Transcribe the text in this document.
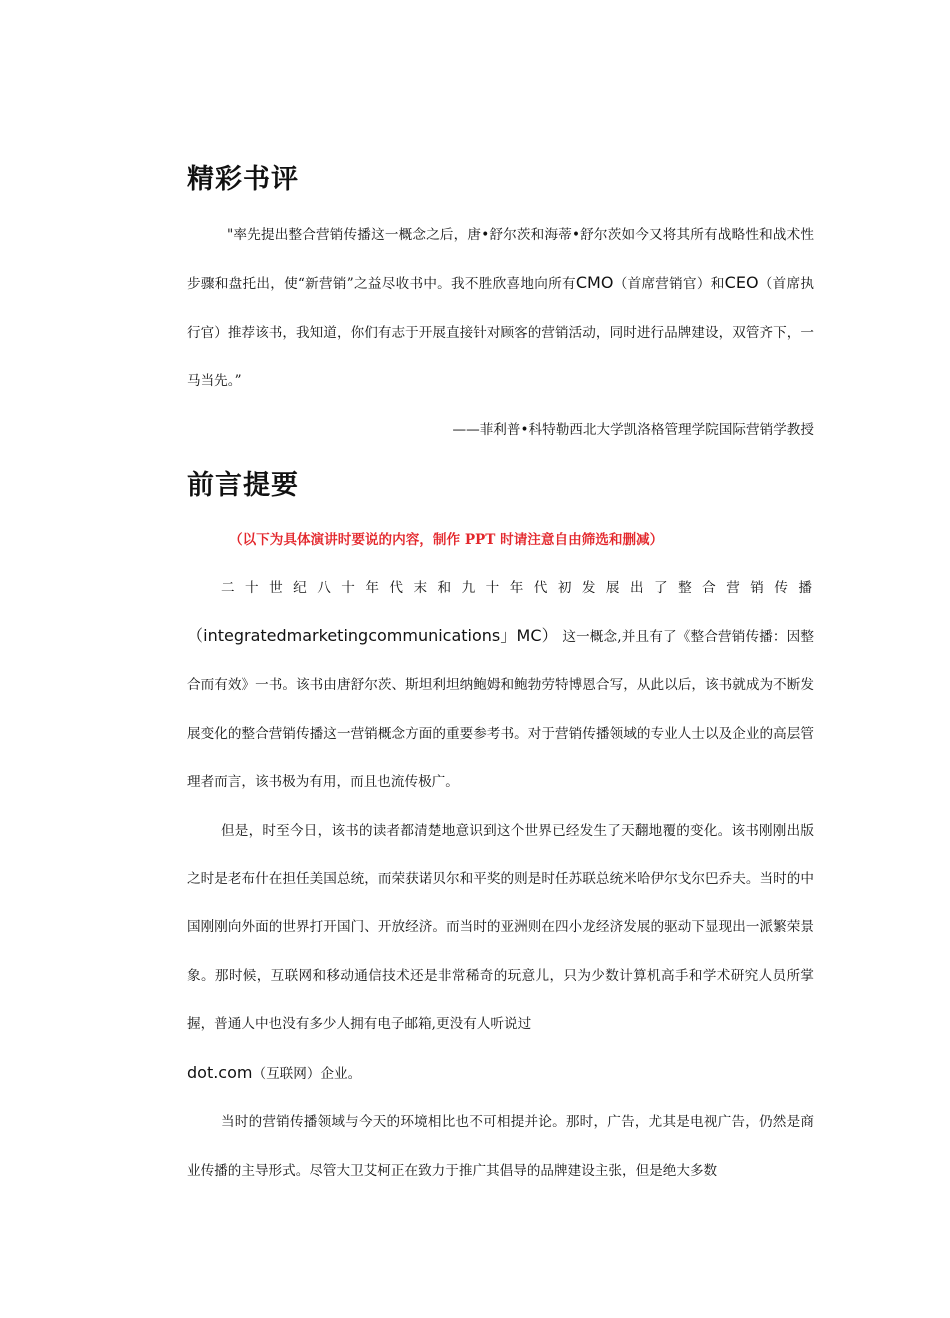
精彩书评

"率先提出整合营销传播这一概念之后，唐•舒尔茨和海蒂•舒尔茨如今又将其所有战略性和战术性步骤和盘托出，使“新营销”之益尽收书中。我不胜欣喜地向所有CMO（首席营销官）和CEO（首席执行官）推荐该书，我知道，你们有志于开展直接针对顾客的营销活动，同时进行品牌建设，双管齐下，一马当先。”

——菲利普•科特勒西北大学凯洛格管理学院国际营销学教授

前言提要

（以下为具体演讲时要说的内容，制作 PPT 时请注意自由筛选和删减）

二十世纪八十年代末和九十年代初发展出了整合营销传播

（integratedmarketingcommunications」MC） 这一概念,并且有了《整合营销传播：因整合而有效》一书。该书由唐舒尔茨、斯坦利坦纳鲍姆和鲍勃劳特博恩合写，从此以后，该书就成为不断发展变化的整合营销传播这一营销概念方面的重要参考书。对于营销传播领域的专业人士以及企业的高层管理者而言，该书极为有用，而且也流传极广。

但是，时至今日，该书的读者都清楚地意识到这个世界已经发生了天翻地覆的变化。该书刚刚出版之时是老布什在担任美国总统，而荣获诺贝尔和平奖的则是时任苏联总统米哈伊尔戈尔巴乔夫。当时的中国刚刚向外面的世界打开国门、开放经济。而当时的亚洲则在四小龙经济发展的驱动下显现出一派繁荣景象。那时候，互联网和移动通信技术还是非常稀奇的玩意儿，只为少数计算机高手和学术研究人员所掌握，普通人中也没有多少人拥有电子邮箱,更没有人听说过
dot.com（互联网）企业。

当时的营销传播领域与今天的环境相比也不可相提并论。那时，广告，尤其是电视广告，仍然是商业传播的主导形式。尽管大卫艾柯正在致力于推广其倡导的品牌建设主张，但是绝大多数
